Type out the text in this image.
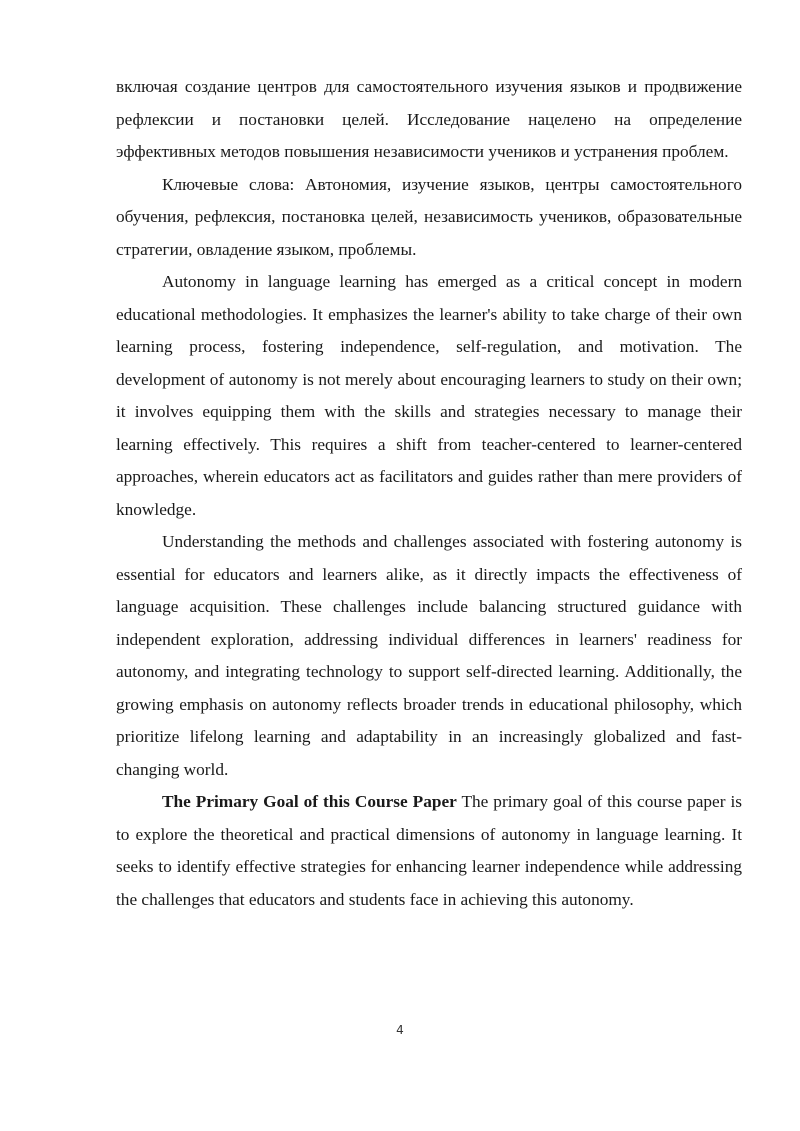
включая создание центров для самостоятельного изучения языков и продвижение рефлексии и постановки целей. Исследование нацелено на определение эффективных методов повышения независимости учеников и устранения проблем.

Ключевые слова: Автономия, изучение языков, центры самостоятельного обучения, рефлексия, постановка целей, независимость учеников, образовательные стратегии, овладение языком, проблемы.

Autonomy in language learning has emerged as a critical concept in modern educational methodologies. It emphasizes the learner's ability to take charge of their own learning process, fostering independence, self-regulation, and motivation. The development of autonomy is not merely about encouraging learners to study on their own; it involves equipping them with the skills and strategies necessary to manage their learning effectively. This requires a shift from teacher-centered to learner-centered approaches, wherein educators act as facilitators and guides rather than mere providers of knowledge.

Understanding the methods and challenges associated with fostering autonomy is essential for educators and learners alike, as it directly impacts the effectiveness of language acquisition. These challenges include balancing structured guidance with independent exploration, addressing individual differences in learners' readiness for autonomy, and integrating technology to support self-directed learning. Additionally, the growing emphasis on autonomy reflects broader trends in educational philosophy, which prioritize lifelong learning and adaptability in an increasingly globalized and fast-changing world.

The Primary Goal of this Course Paper The primary goal of this course paper is to explore the theoretical and practical dimensions of autonomy in language learning. It seeks to identify effective strategies for enhancing learner independence while addressing the challenges that educators and students face in achieving this autonomy.

4
